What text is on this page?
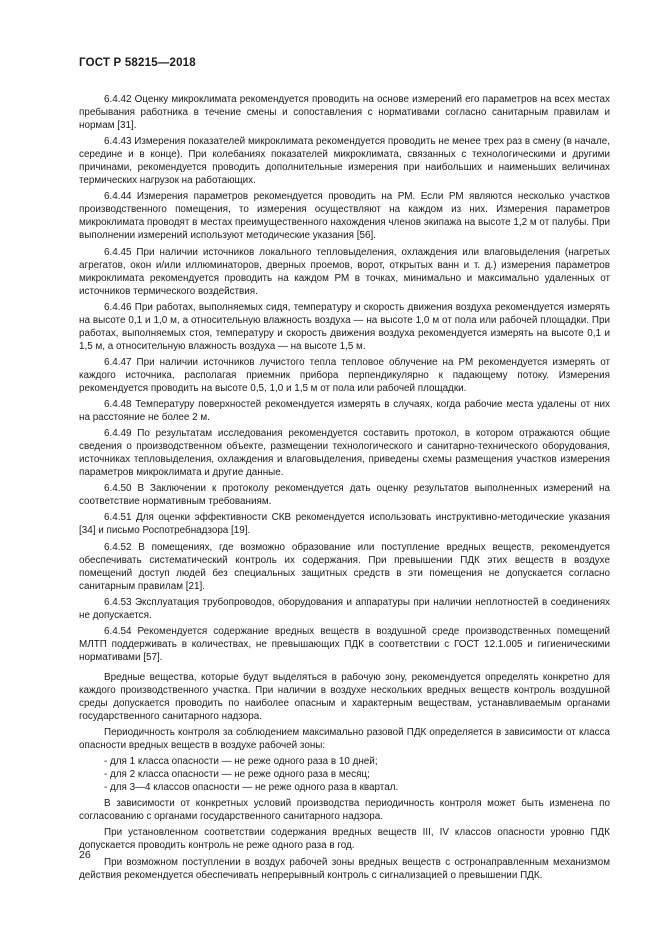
ГОСТ Р 58215—2018

6.4.42 Оценку микроклимата рекомендуется проводить на основе измерений его параметров на всех местах пребывания работника в течение смены и сопоставления с нормативами согласно санитарным правилам и нормам [31].

6.4.43 Измерения показателей микроклимата рекомендуется проводить не менее трех раз в смену (в начале, середине и в конце). При колебаниях показателей микроклимата, связанных с технологическими и другими причинами, рекомендуется проводить дополнительные измерения при наибольших и наименьших величинах термических нагрузок на работающих.

6.4.44 Измерения параметров рекомендуется проводить на РМ. Если РМ являются несколько участков производственного помещения, то измерения осуществляют на каждом из них. Измерения параметров микроклимата проводят в местах преимущественного нахождения членов экипажа на высоте 1,2 м от палубы. При выполнении измерений используют методические указания [56].

6.4.45 При наличии источников локального тепловыделения, охлаждения или влаговыделения (нагретых агрегатов, окон и/или иллюминаторов, дверных проемов, ворот, открытых ванн и т. д.) измерения параметров микроклимата рекомендуется проводить на каждом РМ в точках, минимально и максимально удаленных от источников термического воздействия.

6.4.46 При работах, выполняемых сидя, температуру и скорость движения воздуха рекомендуется измерять на высоте 0,1 и 1,0 м, а относительную влажность воздуха — на высоте 1,0 м от пола или рабочей площадки. При работах, выполняемых стоя, температуру и скорость движения воздуха рекомендуется измерять на высоте 0,1 и 1,5 м, а относительную влажность воздуха — на высоте 1,5 м.

6.4.47 При наличии источников лучистого тепла тепловое облучение на РМ рекомендуется измерять от каждого источника, располагая приемник прибора перпендикулярно к падающему потоку. Измерения рекомендуется проводить на высоте 0,5, 1,0 и 1,5 м от пола или рабочей площадки.

6.4.48 Температуру поверхностей рекомендуется измерять в случаях, когда рабочие места удалены от них на расстояние не более 2 м.

6.4.49 По результатам исследования рекомендуется составить протокол, в котором отражаются общие сведения о производственном объекте, размещении технологического и санитарно-технического оборудования, источниках тепловыделения, охлаждения и влаговыделения, приведены схемы размещения участков измерения параметров микроклимата и другие данные.

6.4.50 В Заключении к протоколу рекомендуется дать оценку результатов выполненных измерений на соответствие нормативным требованиям.

6.4.51 Для оценки эффективности СКВ рекомендуется использовать инструктивно-методические указания [34] и письмо Роспотребнадзора [19].

6.4.52 В помещениях, где возможно образование или поступление вредных веществ, рекомендуется обеспечивать систематический контроль их содержания. При превышении ПДК этих веществ в воздухе помещений доступ людей без специальных защитных средств в эти помещения не допускается согласно санитарным правилам [21].

6.4.53 Эксплуатация трубопроводов, оборудования и аппаратуры при наличии неплотностей в соединениях не допускается.

6.4.54 Рекомендуется содержание вредных веществ в воздушной среде производственных помещений МЛТП поддерживать в количествах, не превышающих ПДК в соответствии с ГОСТ 12.1.005 и гигиеническими нормативами [57].

Вредные вещества, которые будут выделяться в рабочую зону, рекомендуется определять конкретно для каждого производственного участка. При наличии в воздухе нескольких вредных веществ контроль воздушной среды допускается проводить по наиболее опасным и характерным веществам, устанавливаемым органами государственного санитарного надзора.

Периодичность контроля за соблюдением максимально разовой ПДК определяется в зависимости от класса опасности вредных веществ в воздухе рабочей зоны:

- для 1 класса опасности — не реже одного раза в 10 дней;

- для 2 класса опасности — не реже одного раза в месяц;

- для 3—4 классов опасности — не реже одного раза в квартал.

В зависимости от конкретных условий производства периодичность контроля может быть изменена по согласованию с органами государственного санитарного надзора.

При установленном соответствии содержания вредных веществ III, IV классов опасности уровню ПДК допускается проводить контроль не реже одного раза в год.

При возможном поступлении в воздух рабочей зоны вредных веществ с остронаправленным механизмом действия рекомендуется обеспечивать непрерывный контроль с сигнализацией о превышении ПДК.

26
